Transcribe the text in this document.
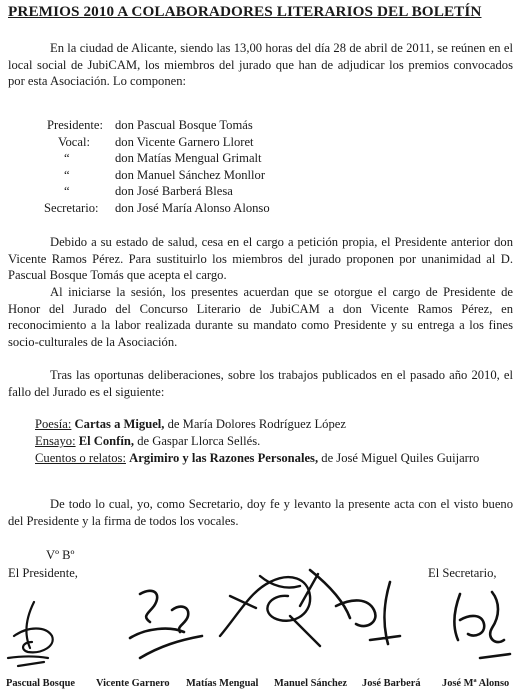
PREMIOS 2010 A COLABORADORES LITERARIOS DEL BOLETÍN

En la ciudad de Alicante, siendo las 13,00 horas del día 28 de abril de 2011, se reúnen en el local social de JubiCAM, los miembros del jurado que han de adjudicar los premios convocados por esta Asociación. Lo componen:

Presidente: don Pascual Bosque Tomás
Vocal:	don Vicente Garnero Lloret
“	don Matías Mengual Grimalt
“	don Manuel Sánchez Monllor
“	don José Barberá Blesa
Secretario:	don José María Alonso Alonso

Debido a su estado de salud, cesa en el cargo a petición propia, el Presidente anterior don Vicente Ramos Pérez. Para sustituirlo los miembros del jurado proponen por unanimidad al D. Pascual Bosque Tomás que acepta el cargo.

Al iniciarse la sesión, los presentes acuerdan que se otorgue el cargo de Presidente de Honor del Jurado del Concurso Literario de JubiCAM a don Vicente Ramos Pérez, en reconocimiento a la labor realizada durante su mandato como Presidente y su entrega a los fines socio-culturales de la Asociación.

Tras las oportunas deliberaciones, sobre los trabajos publicados en el pasado año 2010, el fallo del Jurado es el siguiente:

Poesía: Cartas a Miguel, de María Dolores Rodríguez López
Ensayo: El Confín, de Gaspar Llorca Sellés.
Cuentos o relatos: Argimiro y las Razones Personales, de José Miguel Quiles Guijarro

De todo lo cual, yo, como Secretario, doy fe y levanto la presente acta con el visto bueno del Presidente y la firma de todos los vocales.

Vº Bº
El Presidente,	El Secretario,
Pascual Bosque Vicente Garnero Matías Mengual Manuel Sánchez José Barberá José Mª Alonso
